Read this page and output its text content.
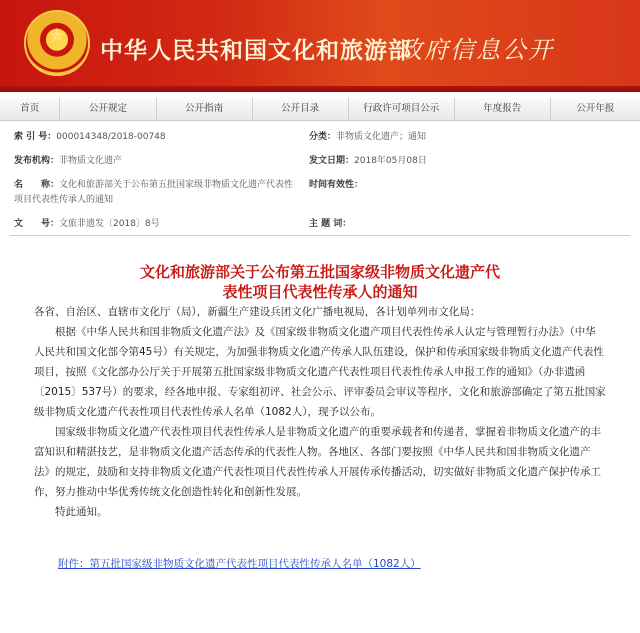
★
中华人民共和国文化和旅游部
政府信息公开
首页	公开规定	公开指南	公开目录	行政许可项目公示	年度报告	公开年报
索 引 号：000014348/2018-00748	分类：非物质文化遗产；通知
发布机构：非物质文化遗产	发文日期：2018年05月08日
名　　称：文化和旅游部关于公布第五批国家级非物质文化遗产代表性项目代表性传承人的通知
时间有效性：
文　　号：文旅非遗发〔2018〕8号	主 题 词：
文化和旅游部关于公布第五批国家级非物质文化遗产代表性项目代表性传承人的通知

各省、自治区、直辖市文化厅（局），新疆生产建设兵团文化广播电视局，各计划单列市文化局：

根据《中华人民共和国非物质文化遗产法》及《国家级非物质文化遗产项目代表性传承人认定与管理暂行办法》（中华人民共和国文化部令第45号）有关规定，为加强非物质文化遗产传承人队伍建设，保护和传承国家级非物质文化遗产代表性项目，按照《文化部办公厅关于开展第五批国家级非物质文化遗产代表性项目代表性传承人申报工作的通知》（办非遗函〔2015〕537号）的要求，经各地申报、专家组初评、社会公示、评审委员会审议等程序，文化和旅游部确定了第五批国家级非物质文化遗产代表性项目代表性传承人名单（1082人），现予以公布。

国家级非物质文化遗产代表性项目代表性传承人是非物质文化遗产的重要承载者和传递者，掌握着非物质文化遗产的丰富知识和精湛技艺，是非物质文化遗产活态传承的代表性人物。各地区、各部门要按照《中华人民共和国非物质文化遗产法》的规定，鼓励和支持非物质文化遗产代表性项目代表性传承人开展传承传播活动，切实做好非物质文化遗产保护传承工作，努力推动中华优秀传统文化创造性转化和创新性发展。

特此通知。

附件：第五批国家级非物质文化遗产代表性项目代表性传承人名单（1082人）
